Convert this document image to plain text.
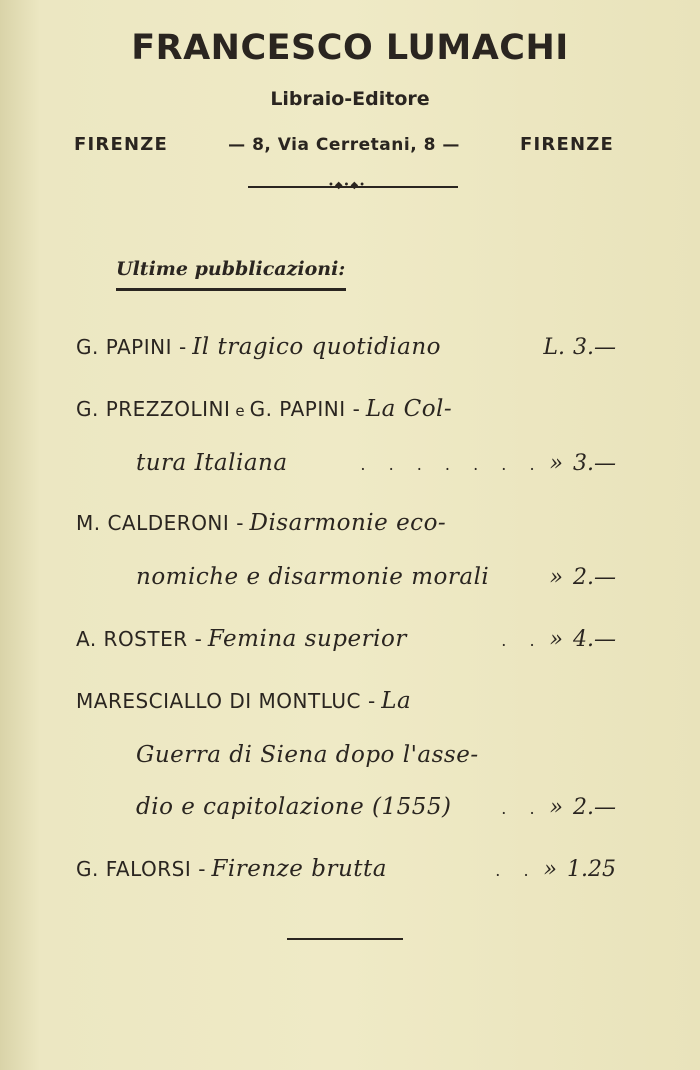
FRANCESCO LUMACHI
Libraio-Editore
FIRENZE	— 8, Via Cerretani, 8 —	FIRENZE
•◆•◆•
Ultime pubblicazioni:
G. PAPINI - Il tragico quotidiano	L. 3.—
G. PREZZOLINI e G. PAPINI - La Col-
tura Italiana	. . . . . . . » 3.—
M. CALDERONI - Disarmonie eco-
nomiche e disarmonie morali	» 2.—
A. ROSTER - Femina superior	. . » 4.—
MARESCIALLO DI MONTLUC - La
Guerra di Siena dopo l'asse-
dio e capitolazione (1555)	. . » 2.—
G. FALORSI - Firenze brutta	. . » 1.25
